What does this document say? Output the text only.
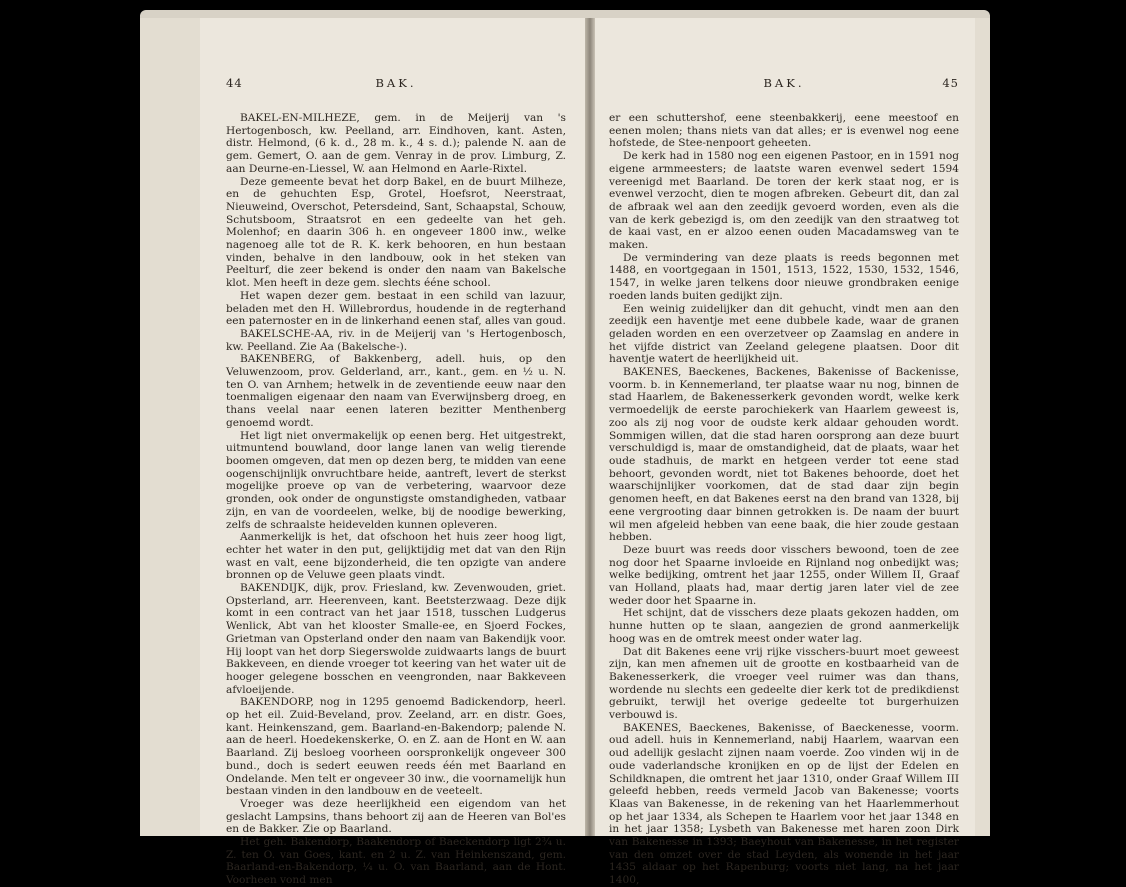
44	BAK.

BAKEL-EN-MILHEZE, gem. in de Meijerij van 's Hertogenbosch, kw. Peelland, arr. Eindhoven, kant. Asten, distr. Helmond, (6 k. d., 28 m. k., 4 s. d.); palende N. aan de gem. Gemert, O. aan de gem. Venray in de prov. Limburg, Z. aan Deurne-en-Liessel, W. aan Helmond en Aarle-Rixtel.

Deze gemeente bevat het dorp Bakel, en de buurt Milheze, en de gehuchten Esp, Grotel, Hoefsrot, Neerstraat, Nieuweind, Overschot, Petersdeind, Sant, Schaapstal, Schouw, Schutsboom, Straatsrot en een gedeelte van het geh. Molenhof; en daarin 306 h. en ongeveer 1800 inw., welke nagenoeg alle tot de R. K. kerk behooren, en hun bestaan vinden, behalve in den landbouw, ook in het steken van Peelturf, die zeer bekend is onder den naam van Bakelsche klot. Men heeft in deze gem. slechts ééne school.

Het wapen dezer gem. bestaat in een schild van lazuur, beladen met den H. Willebrordus, houdende in de regterhand een paternoster en in de linkerhand eenen staf, alles van goud.

BAKELSCHE-AA, riv. in de Meijerij van 's Hertogenbosch, kw. Peelland. Zie Aa (Bakelsche-).

BAKENBERG, of Bakkenberg, adell. huis, op den Veluwenzoom, prov. Gelderland, arr., kant., gem. en ½ u. N. ten O. van Arnhem; hetwelk in de zeventiende eeuw naar den toenmaligen eigenaar den naam van Everwijnsberg droeg, en thans veelal naar eenen lateren bezitter Menthenberg genoemd wordt.

Het ligt niet onvermakelijk op eenen berg. Het uitgestrekt, uitmuntend bouwland, door lange lanen van welig tierende boomen omgeven, dat men op dezen berg, te midden van eene oogenschijnlijk onvruchtbare heide, aantreft, levert de sterkst mogelijke proeve op van de verbetering, waarvoor deze gronden, ook onder de ongunstigste omstandigheden, vatbaar zijn, en van de voordeelen, welke, bij de noodige bewerking, zelfs de schraalste heidevelden kunnen opleveren.

Aanmerkelijk is het, dat ofschoon het huis zeer hoog ligt, echter het water in den put, gelijktijdig met dat van den Rijn wast en valt, eene bijzonderheid, die ten opzigte van andere bronnen op de Veluwe geen plaats vindt.

BAKENDIJK, dijk, prov. Friesland, kw. Zevenwouden, griet. Opsterland, arr. Heerenveen, kant. Beetsterzwaag. Deze dijk komt in een contract van het jaar 1518, tusschen Ludgerus Wenlick, Abt van het klooster Smalle-ee, en Sjoerd Fockes, Grietman van Opsterland onder den naam van Bakendijk voor. Hij loopt van het dorp Siegerswolde zuidwaarts langs de buurt Bakkeveen, en diende vroeger tot keering van het water uit de hooger gelegene bosschen en veengronden, naar Bakkeveen afvloeijende.

BAKENDORP, nog in 1295 genoemd Badickendorp, heerl. op het eil. Zuid-Beveland, prov. Zeeland, arr. en distr. Goes, kant. Heinkenszand, gem. Baarland-en-Bakendorp; palende N. aan de heerl. Hoedekenskerke, O. en Z. aan de Hont en W. aan Baarland. Zij besloeg voorheen oorspronkelijk ongeveer 300 bund., doch is sedert eeuwen reeds één met Baarland en Ondelande. Men telt er ongeveer 30 inw., die voornamelijk hun bestaan vinden in den landbouw en de veeteelt.

Vroeger was deze heerlijkheid een eigendom van het geslacht Lampsins, thans behoort zij aan de Heeren van Bol'es en de Bakker. Zie op Baarland.

Het geh. Bakendorp, Baakendorp of Baeckendorp ligt 2¾ u. Z. ten O. van Goes, kant. en 2 u. Z. van Heinkenszand, gem. Baarland-en-Bakendorp, ¼ u. O. van Baarland, aan de Hont. Voorheen vond men

BAK.	45

er een schuttershof, eene steenbakkerij, eene meestoof en eenen molen; thans niets van dat alles; er is evenwel nog eene hofstede, de Stee-nenpoort geheeten.

De kerk had in 1580 nog een eigenen Pastoor, en in 1591 nog eigene armmeesters; de laatste waren evenwel sedert 1594 vereenigd met Baarland. De toren der kerk staat nog, er is evenwel verzocht, dien te mogen afbreken. Gebeurt dit, dan zal de afbraak wel aan den zeedijk gevoerd worden, even als die van de kerk gebezigd is, om den zeedijk van den straatweg tot de kaai vast, en er alzoo eenen ouden Macadamsweg van te maken.

De vermindering van deze plaats is reeds begonnen met 1488, en voortgegaan in 1501, 1513, 1522, 1530, 1532, 1546, 1547, in welke jaren telkens door nieuwe grondbraken eenige roeden lands buiten gedijkt zijn.

Een weinig zuidelijker dan dit gehucht, vindt men aan den zeedijk een haventje met eene dubbele kade, waar de granen geladen worden en een overzetveer op Zaamslag en andere in het vijfde district van Zeeland gelegene plaatsen. Door dit haventje watert de heerlijkheid uit.

BAKENES, Baeckenes, Backenes, Bakenisse of Backenisse, voorm. b. in Kennemerland, ter plaatse waar nu nog, binnen de stad Haarlem, de Bakenesserkerk gevonden wordt, welke kerk vermoedelijk de eerste parochiekerk van Haarlem geweest is, zoo als zij nog voor de oudste kerk aldaar gehouden wordt. Sommigen willen, dat die stad haren oorsprong aan deze buurt verschuldigd is, maar de omstandigheid, dat de plaats, waar het oude stadhuis, de markt en hetgeen verder tot eene stad behoort, gevonden wordt, niet tot Bakenes behoorde, doet het waarschijnlijker voorkomen, dat de stad daar zijn begin genomen heeft, en dat Bakenes eerst na den brand van 1328, bij eene vergrooting daar binnen getrokken is. De naam der buurt wil men afgeleid hebben van eene baak, die hier zoude gestaan hebben.

Deze buurt was reeds door visschers bewoond, toen de zee nog door het Spaarne invloeide en Rijnland nog onbedijkt was; welke bedijking, omtrent het jaar 1255, onder Willem II, Graaf van Holland, plaats had, maar dertig jaren later viel de zee weder door het Spaarne in.

Het schijnt, dat de visschers deze plaats gekozen hadden, om hunne hutten op te slaan, aangezien de grond aanmerkelijk hoog was en de omtrek meest onder water lag.

Dat dit Bakenes eene vrij rijke visschers-buurt moet geweest zijn, kan men afnemen uit de grootte en kostbaarheid van de Bakenesserkerk, die vroeger veel ruimer was dan thans, wordende nu slechts een gedeelte dier kerk tot de predikdienst gebruikt, terwijl het overige gedeelte tot burgerhuizen verbouwd is.

BAKENES, Baeckenes, Bakenisse, of Baeckenesse, voorm. oud adell. huis in Kennemerland, nabij Haarlem, waarvan een oud adellijk geslacht zijnen naam voerde. Zoo vinden wij in de oude vaderlandsche kronijken en op de lijst der Edelen en Schildknapen, die omtrent het jaar 1310, onder Graaf Willem III geleefd hebben, reeds vermeld Jacob van Bakenesse; voorts Klaas van Bakenesse, in de rekening van het Haarlemmerhout op het jaar 1334, als Schepen te Haarlem voor het jaar 1348 en in het jaar 1358; Lysbeth van Bakenesse met haren zoon Dirk van Bakenesse in 1393; Baeyhout van Bakenesse, in het register van den omzet over de stad Leyden, als wonende in het jaar 1435 aldaar op het Rapenburg; voorts niet lang, na het jaar 1400,
